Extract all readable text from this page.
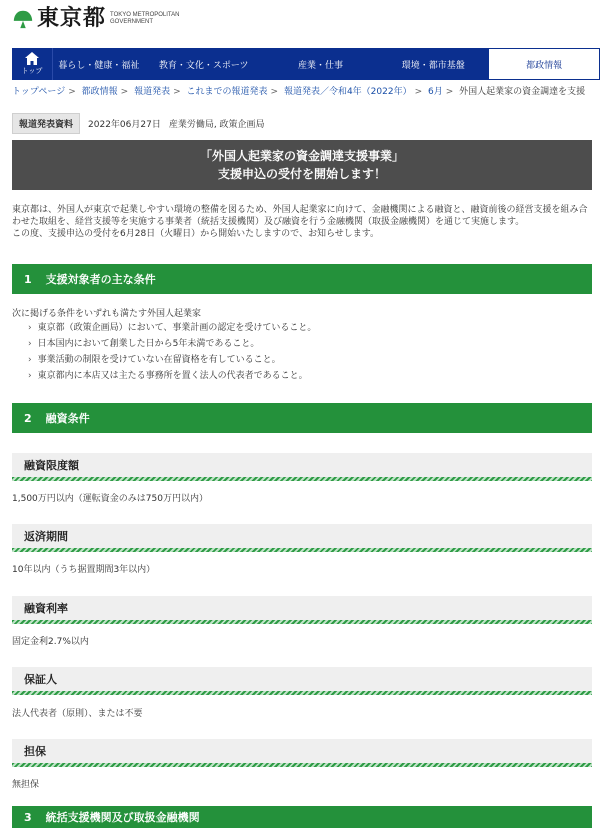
東京都 TOKYO METROPOLITAN
GOVERNMENT
トップ
暮らし・健康・福祉	教育・文化・スポーツ	産業・仕事	環境・都市基盤	都政情報
トップページ > 都政情報 > 報道発表 > これまでの報道発表 > 報道発表／令和4年（2022年） > 6月 > 外国人起業家の資金調達を支援
報道発表資料	2022年06月27日 産業労働局, 政策企画局
「外国人起業家の資金調達支援事業」
支援申込の受付を開始します！
東京都は、外国人が東京で起業しやすい環境の整備を図るため、外国人起業家に向けて、金融機関による融資と、融資前後の経営支援を組み合わせた取組を、経営支援等を実施する事業者（統括支援機関）及び融資を行う金融機関（取扱金融機関）を通じて実施します。
この度、支援申込の受付を6月28日（火曜日）から開始いたしますので、お知らせします。
1 支援対象者の主な条件
次に掲げる条件をいずれも満たす外国人起業家
› 東京都（政策企画局）において、事業計画の認定を受けていること。
› 日本国内において創業した日から5年未満であること。
› 事業活動の制限を受けていない在留資格を有していること。
› 東京都内に本店又は主たる事務所を置く法人の代表者であること。
2 融資条件
融資限度額
1,500万円以内（運転資金のみは750万円以内）
返済期間
10年以内（うち据置期間3年以内）
融資利率
固定金利2.7%以内
保証人
法人代表者（原則）、または不要
担保
無担保
3 統括支援機関及び取扱金融機関
